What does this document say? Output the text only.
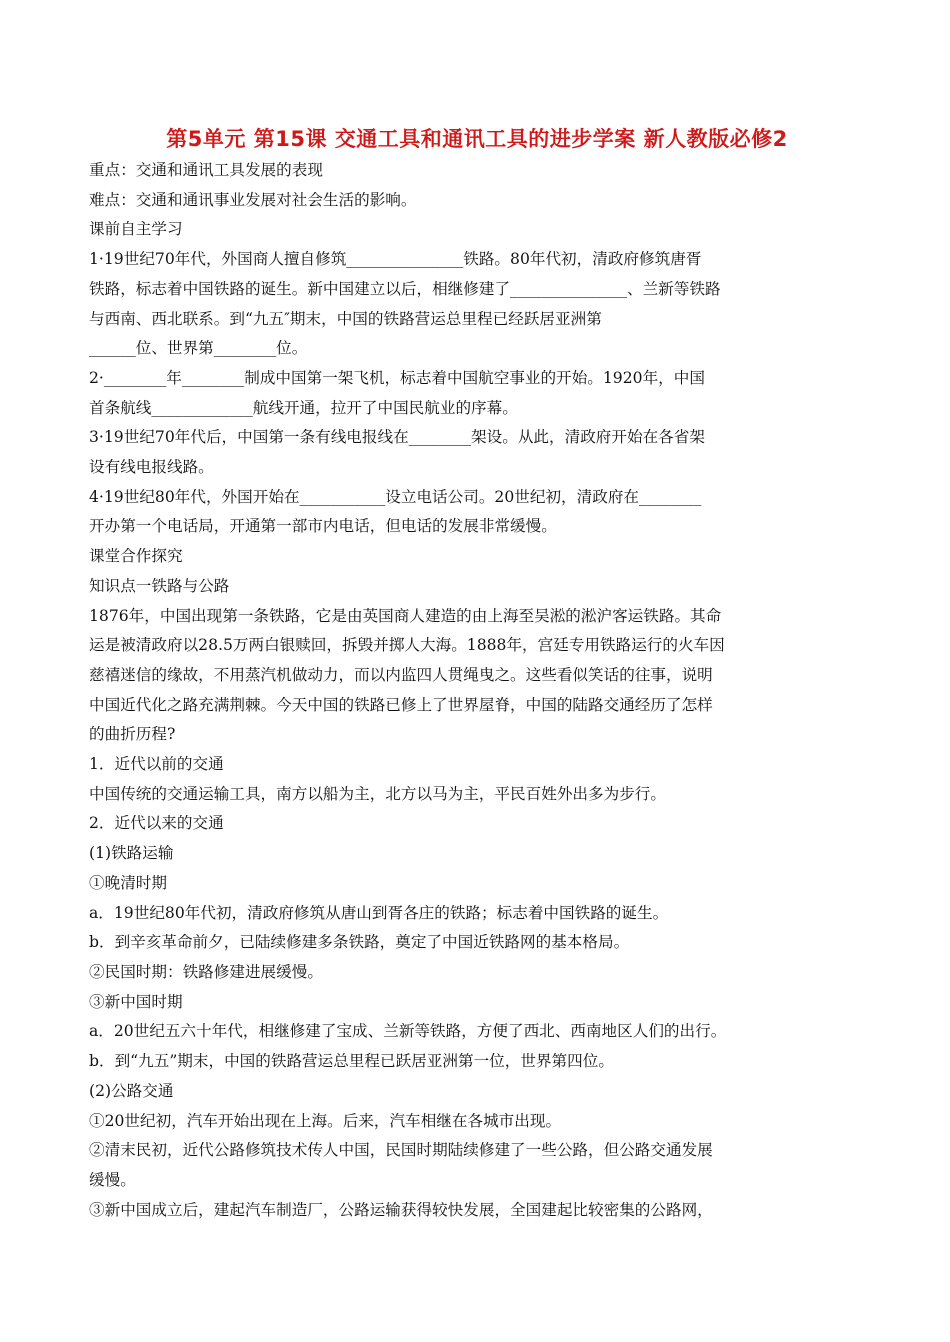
第5单元 第15课 交通工具和通讯工具的进步学案 新人教版必修2

重点：交通和通讯工具发展的表现

难点：交通和通讯事业发展对社会生活的影响。

课前自主学习

1·19世纪70年代，外国商人擅自修筑_______________铁路。80年代初，清政府修筑唐胥

铁路，标志着中国铁路的诞生。新中国建立以后，相继修建了_______________、兰新等铁路

与西南、西北联系。到“九五″期末，中国的铁路营运总里程已经跃居亚洲第

______位、世界第________位。

2·________年________制成中国第一架飞机，标志着中国航空事业的开始。1920年，中国

首条航线_____________航线开通，拉开了中国民航业的序幕。

3·19世纪70年代后，中国第一条有线电报线在________架设。从此，清政府开始在各省架

设有线电报线路。

4·19世纪80年代，外国开始在___________设立电话公司。20世纪初，清政府在________

开办第一个电话局，开通第一部市内电话，但电话的发展非常缓慢。

课堂合作探究

知识点一铁路与公路

1876年，中国出现第一条铁路，它是由英国商人建造的由上海至吴淞的淞沪客运铁路。其命

运是被清政府以28.5万两白银赎回，拆毁并掷人大海。1888年，宫廷专用铁路运行的火车因

慈禧迷信的缘故，不用蒸汽机做动力，而以内监四人贯绳曳之。这些看似笑话的往事，说明

中国近代化之路充满荆棘。今天中国的铁路已修上了世界屋脊，中国的陆路交通经历了怎样

的曲折历程?

1．近代以前的交通

中国传统的交通运输工具，南方以船为主，北方以马为主，平民百姓外出多为步行。

2．近代以来的交通

(1)铁路运输

①晚清时期

a．19世纪80年代初，清政府修筑从唐山到胥各庄的铁路；标志着中国铁路的诞生。

b．到辛亥革命前夕，已陆续修建多条铁路，奠定了中国近铁路网的基本格局。

②民国时期：铁路修建进展缓慢。

③新中国时期

a．20世纪五六十年代，相继修建了宝成、兰新等铁路，方便了西北、西南地区人们的出行。

b．到“九五”期末，中国的铁路营运总里程已跃居亚洲第一位，世界第四位。

(2)公路交通

①20世纪初，汽车开始出现在上海。后来，汽车相继在各城市出现。

②清末民初，近代公路修筑技术传人中国，民国时期陆续修建了一些公路，但公路交通发展

缓慢。

③新中国成立后，建起汽车制造厂，公路运输获得较快发展，全国建起比较密集的公路网，
